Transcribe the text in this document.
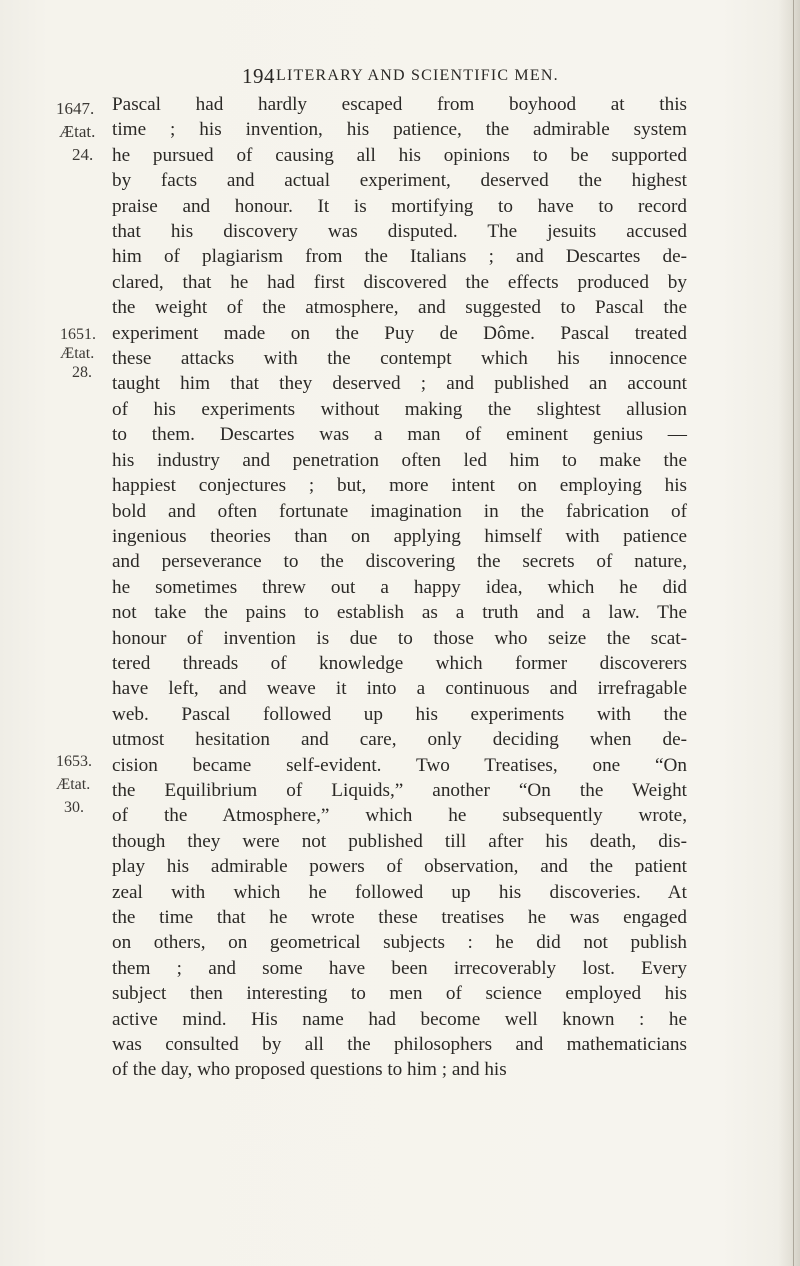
194 LITERARY AND SCIENTIFIC MEN.
1647.
Ætat.
24.
1651.
Ætat.
28.
1653.
Ætat.
30.
Pascal had hardly escaped from boyhood at this
time ; his invention, his patience, the admirable system
he pursued of causing all his opinions to be supported
by facts and actual experiment, deserved the highest
praise and honour. It is mortifying to have to record
that his discovery was disputed. The jesuits accused
him of plagiarism from the Italians ; and Descartes de-
clared, that he had first discovered the effects produced by
the weight of the atmosphere, and suggested to Pascal the
experiment made on the Puy de Dôme. Pascal treated
these attacks with the contempt which his innocence
taught him that they deserved ; and published an account
of his experiments without making the slightest allusion
to them. Descartes was a man of eminent genius —
his industry and penetration often led him to make the
happiest conjectures ; but, more intent on employing his
bold and often fortunate imagination in the fabrication of
ingenious theories than on applying himself with patience
and perseverance to the discovering the secrets of nature,
he sometimes threw out a happy idea, which he did
not take the pains to establish as a truth and a law. The
honour of invention is due to those who seize the scat-
tered threads of knowledge which former discoverers
have left, and weave it into a continuous and irrefragable
web. Pascal followed up his experiments with the
utmost hesitation and care, only deciding when de-
cision became self-evident. Two Treatises, one “On
the Equilibrium of Liquids,” another “On the Weight
of the Atmosphere,” which he subsequently wrote,
though they were not published till after his death, dis-
play his admirable powers of observation, and the patient
zeal with which he followed up his discoveries. At
the time that he wrote these treatises he was engaged
on others, on geometrical subjects : he did not publish
them ; and some have been irrecoverably lost. Every
subject then interesting to men of science employed his
active mind. His name had become well known : he
was consulted by all the philosophers and mathematicians
of the day, who proposed questions to him ; and his
